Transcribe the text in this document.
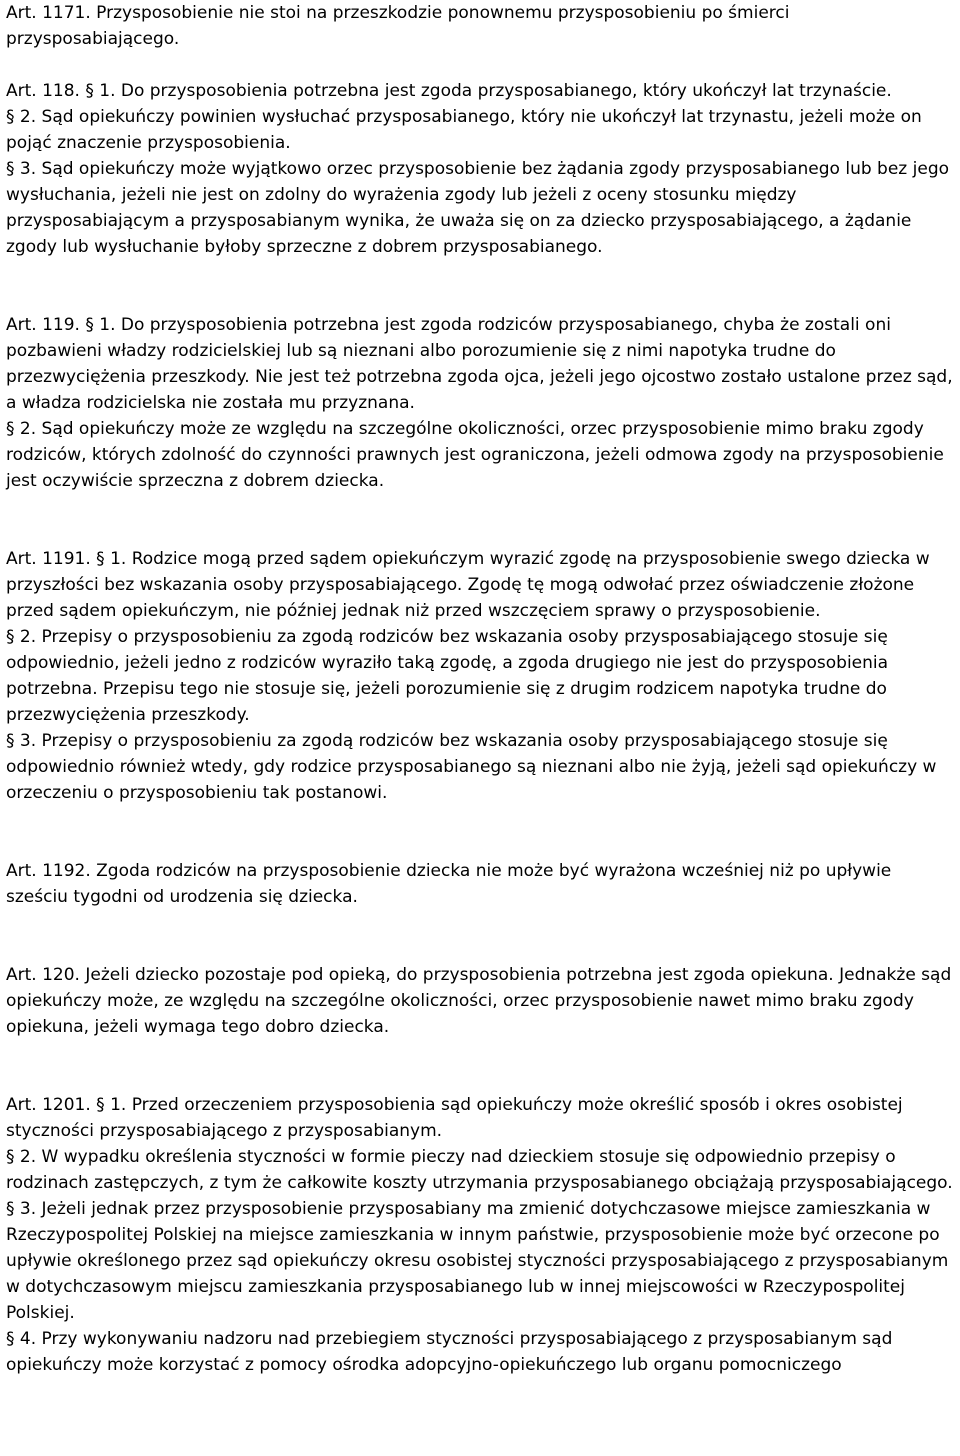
Art. 1171. Przysposobienie nie stoi na przeszkodzie ponownemu przysposobieniu po śmierci przysposabiającego.

Art. 118. § 1. Do przysposobienia potrzebna jest zgoda przysposabianego, który ukończył lat trzynaście.

§ 2. Sąd opiekuńczy powinien wysłuchać przysposabianego, który nie ukończył lat trzynastu, jeżeli może on pojąć znaczenie przysposobienia.

§ 3. Sąd opiekuńczy może wyjątkowo orzec przysposobienie bez żądania zgody przysposabianego lub bez jego wysłuchania, jeżeli nie jest on zdolny do wyrażenia zgody lub jeżeli z oceny stosunku między przysposabiającym a przysposabianym wynika, że uważa się on za dziecko przysposabiającego, a żądanie zgody lub wysłuchanie byłoby sprzeczne z dobrem przysposabianego.

Art. 119. § 1. Do przysposobienia potrzebna jest zgoda rodziców przysposabianego, chyba że zostali oni pozbawieni władzy rodzicielskiej lub są nieznani albo porozumienie się z nimi napotyka trudne do przezwyciężenia przeszkody. Nie jest też potrzebna zgoda ojca, jeżeli jego ojcostwo zostało ustalone przez sąd, a władza rodzicielska nie została mu przyznana.

§ 2. Sąd opiekuńczy może ze względu na szczególne okoliczności, orzec przysposobienie mimo braku zgody rodziców, których zdolność do czynności prawnych jest ograniczona, jeżeli odmowa zgody na przysposobienie jest oczywiście sprzeczna z dobrem dziecka.

Art. 1191. § 1. Rodzice mogą przed sądem opiekuńczym wyrazić zgodę na przysposobienie swego dziecka w przyszłości bez wskazania osoby przysposabiającego. Zgodę tę mogą odwołać przez oświadczenie złożone przed sądem opiekuńczym, nie później jednak niż przed wszczęciem sprawy o przysposobienie.

§ 2. Przepisy o przysposobieniu za zgodą rodziców bez wskazania osoby przysposabiającego stosuje się odpowiednio, jeżeli jedno z rodziców wyraziło taką zgodę, a zgoda drugiego nie jest do przysposobienia potrzebna. Przepisu tego nie stosuje się, jeżeli porozumienie się z drugim rodzicem napotyka trudne do przezwyciężenia przeszkody.

§ 3. Przepisy o przysposobieniu za zgodą rodziców bez wskazania osoby przysposabiającego stosuje się odpowiednio również wtedy, gdy rodzice przysposabianego są nieznani albo nie żyją, jeżeli sąd opiekuńczy w orzeczeniu o przysposobieniu tak postanowi.

Art. 1192. Zgoda rodziców na przysposobienie dziecka nie może być wyrażona wcześniej niż po upływie sześciu tygodni od urodzenia się dziecka.

Art. 120. Jeżeli dziecko pozostaje pod opieką, do przysposobienia potrzebna jest zgoda opiekuna. Jednakże sąd opiekuńczy może, ze względu na szczególne okoliczności, orzec przysposobienie nawet mimo braku zgody opiekuna, jeżeli wymaga tego dobro dziecka.

Art. 1201. § 1. Przed orzeczeniem przysposobienia sąd opiekuńczy może określić sposób i okres osobistej styczności przysposabiającego z przysposabianym.

§ 2. W wypadku określenia styczności w formie pieczy nad dzieckiem stosuje się odpowiednio przepisy o rodzinach zastępczych, z tym że całkowite koszty utrzymania przysposabianego obciążają przysposabiającego.

§ 3. Jeżeli jednak przez przysposobienie przysposabiany ma zmienić dotychczasowe miejsce zamieszkania w Rzeczypospolitej Polskiej na miejsce zamieszkania w innym państwie, przysposobienie może być orzecone po upływie określonego przez sąd opiekuńczy okresu osobistej styczności przysposabiającego z przysposabianym w dotychczasowym miejscu zamieszkania przysposabianego lub w innej miejscowości w Rzeczypospolitej Polskiej.

§ 4. Przy wykonywaniu nadzoru nad przebiegiem styczności przysposabiającego z przysposabianym sąd opiekuńczy może korzystać z pomocy ośrodka adopcyjno-opiekuńczego lub organu pomocniczego
